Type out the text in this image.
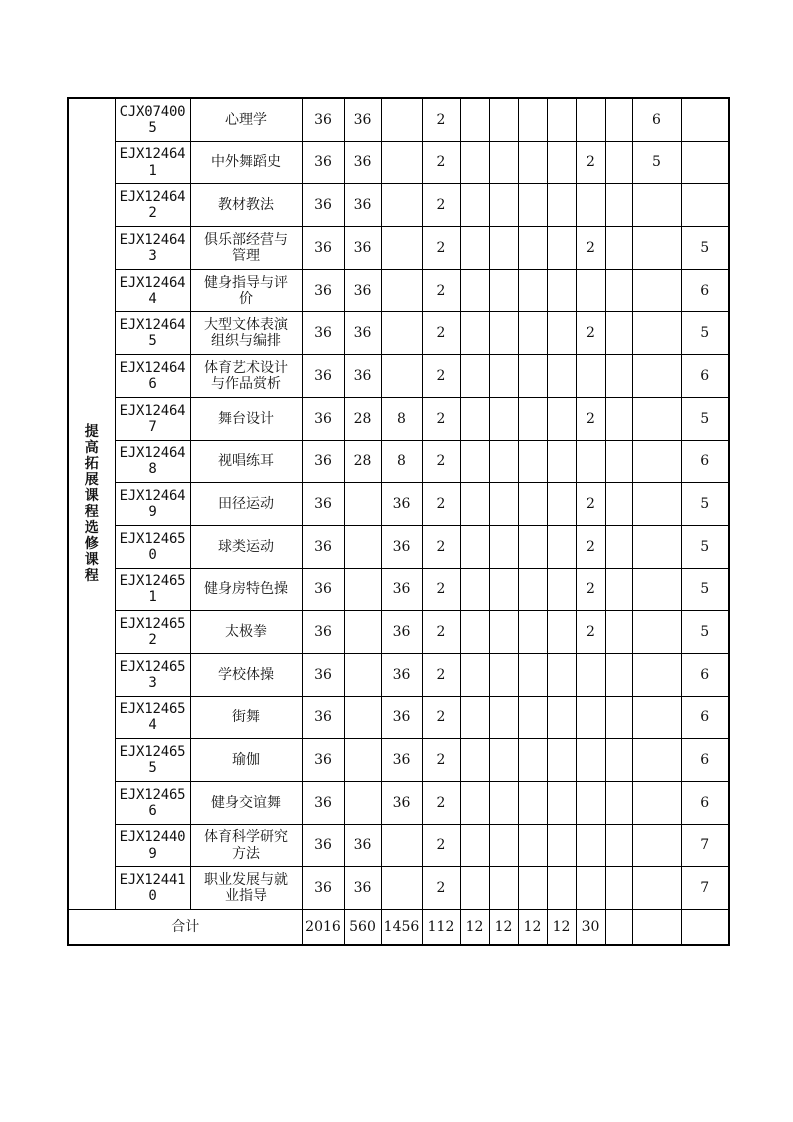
提高拓展课程选修课程	CJX074005	心理学	36	36		2							6	
	EJX124641	中外舞蹈史	36	36		2					2		5	
	EJX124642	教材教法	36	36		2								
	EJX124643	俱乐部经营与管理	36	36		2					2			5
	EJX124644	健身指导与评价	36	36		2								6
	EJX124645	大型文体表演组织与编排	36	36		2					2			5
	EJX124646	体育艺术设计与作品赏析	36	36		2								6
	EJX124647	舞台设计	36	28	8	2					2			5
	EJX124648	视唱练耳	36	28	8	2								6
	EJX124649	田径运动	36		36	2					2			5
	EJX124650	球类运动	36		36	2					2			5
	EJX124651	健身房特色操	36		36	2					2			5
	EJX124652	太极拳	36		36	2					2			5
	EJX124653	学校体操	36		36	2								6
	EJX124654	街舞	36		36	2								6
	EJX124655	瑜伽	36		36	2								6
	EJX124656	健身交谊舞	36		36	2								6
	EJX124409	体育科学研究方法	36	36		2								7
	EJX124410	职业发展与就业指导	36	36		2								7
合计			2016	560	1456	112	12	12	12	12	30			
